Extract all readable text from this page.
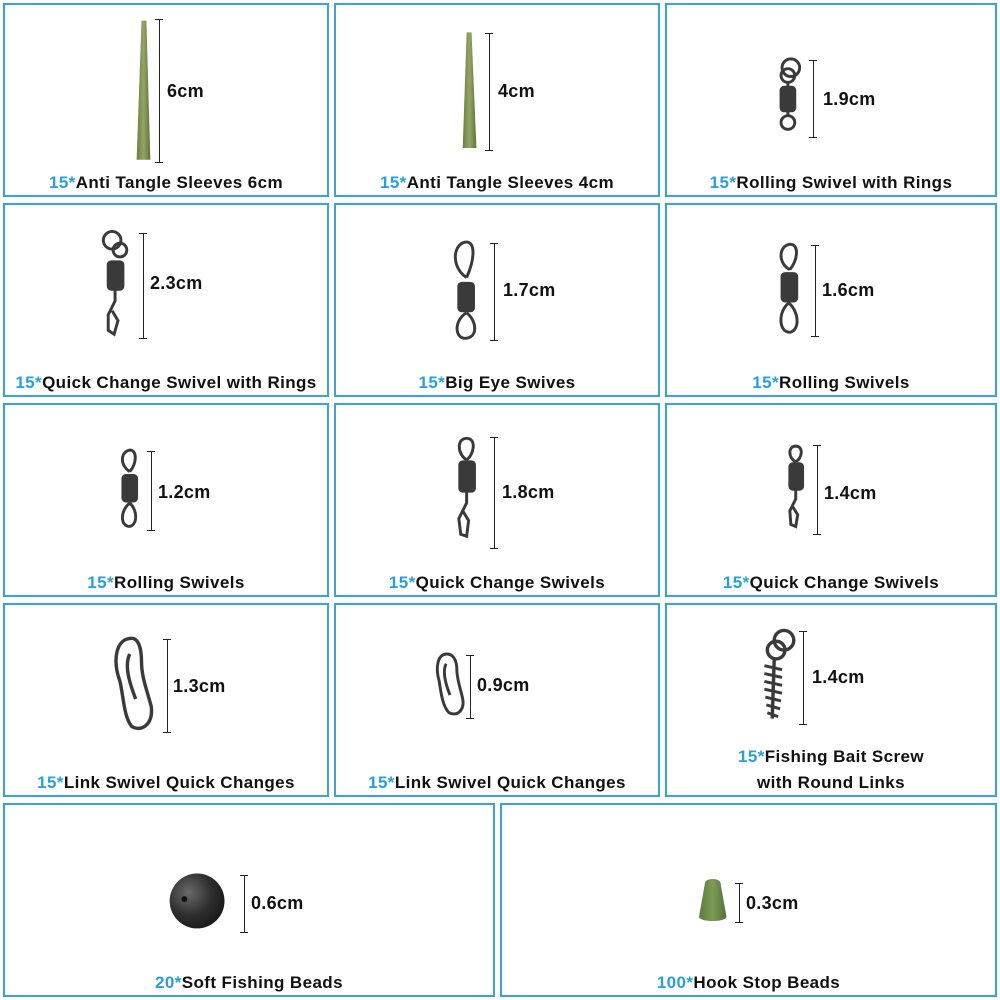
6cm
15*Anti Tangle Sleeves 6cm
4cm
15*Anti Tangle Sleeves 4cm
1.9cm
15*Rolling Swivel with Rings
2.3cm
15*Quick Change Swivel with Rings
1.7cm
15*Big Eye Swives
1.6cm
15*Rolling Swivels
1.2cm
15*Rolling Swivels
1.8cm
15*Quick Change Swivels
1.4cm
15*Quick Change Swivels
1.3cm
15*Link Swivel Quick Changes
0.9cm
15*Link Swivel Quick Changes
1.4cm
15*Fishing Bait Screw
with Round Links
0.6cm
20*Soft Fishing Beads
0.3cm
100*Hook Stop Beads
